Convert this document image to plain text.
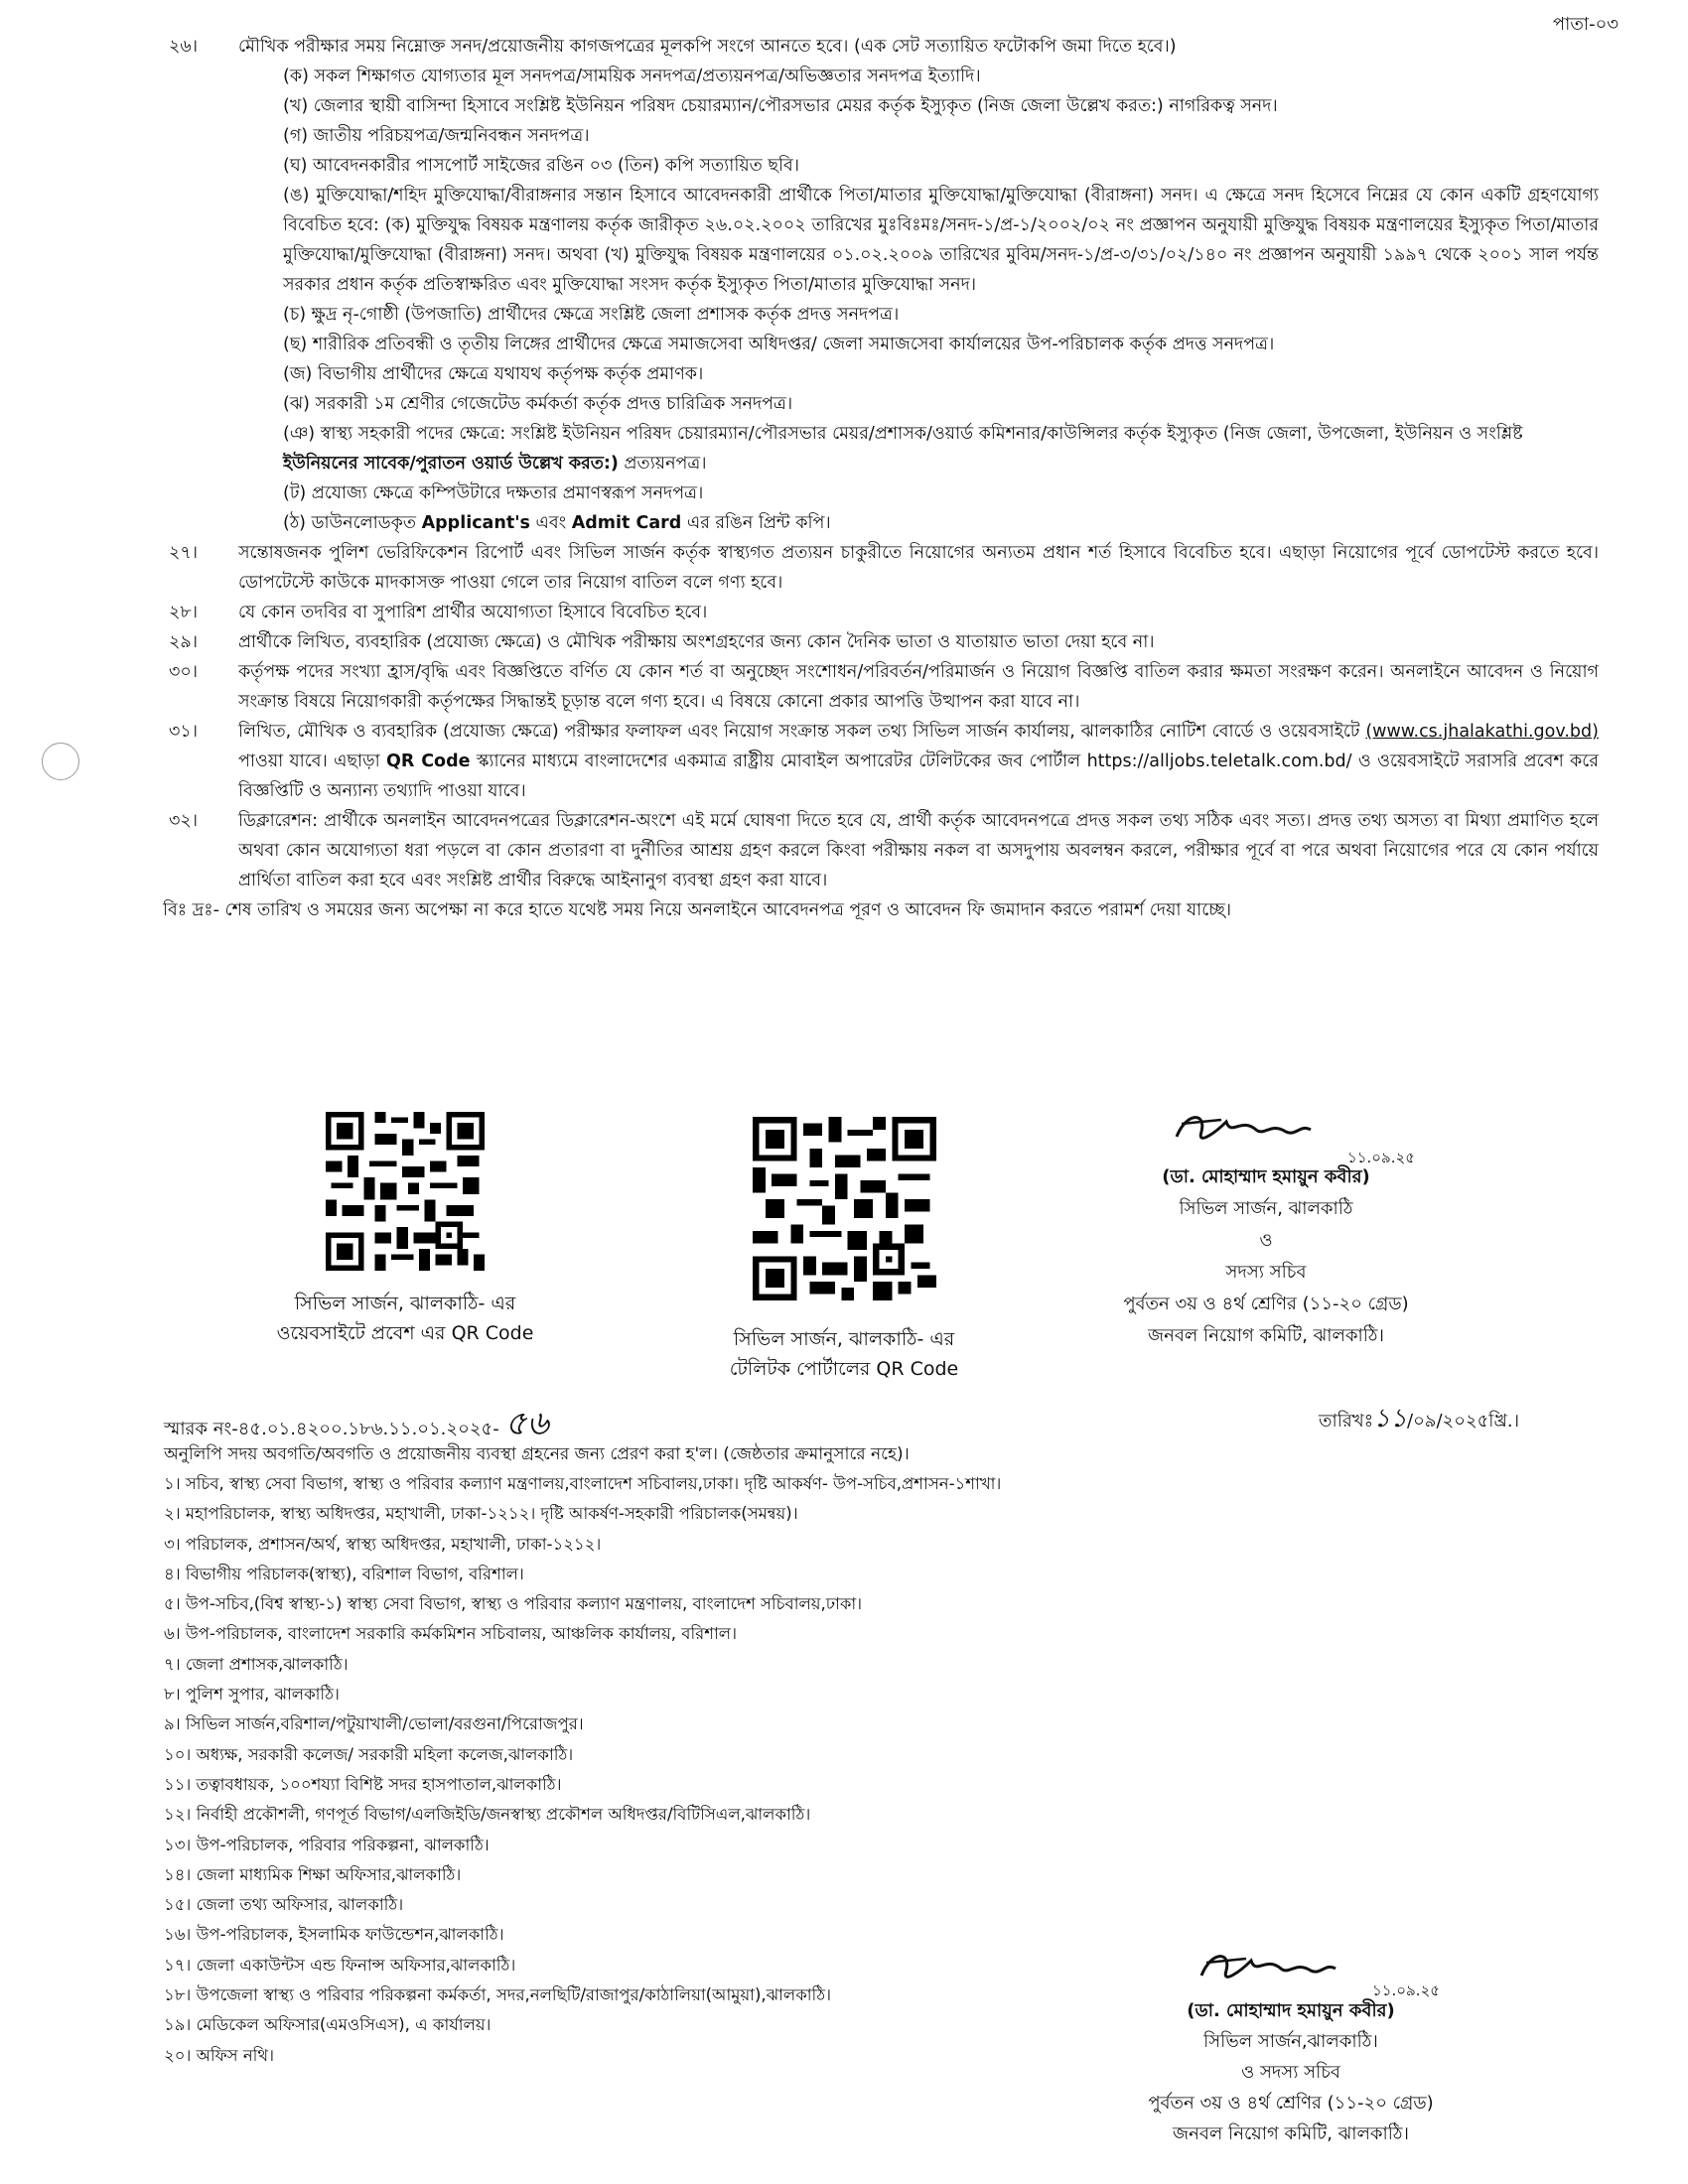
পাতা-০৩
২৬।	মৌখিক পরীক্ষার সময় নিম্নোক্ত সনদ/প্রয়োজনীয় কাগজপত্রের মূলকপি সংগে আনতে হবে। (এক সেট সত্যায়িত ফটোকপি জমা দিতে হবে।)
(ক) সকল শিক্ষাগত যোগ্যতার মূল সনদপত্র/সাময়িক সনদপত্র/প্রত্যয়নপত্র/অভিজ্ঞতার সনদপত্র ইত্যাদি।
(খ) জেলার স্থায়ী বাসিন্দা হিসাবে সংশ্লিষ্ট ইউনিয়ন পরিষদ চেয়ারম্যান/পৌরসভার মেয়র কর্তৃক ইস্যুকৃত (নিজ জেলা উল্লেখ করত:) নাগরিকত্ব সনদ।
(গ) জাতীয় পরিচয়পত্র/জন্মনিবন্ধন সনদপত্র।
(ঘ) আবেদনকারীর পাসপোর্ট সাইজের রঙিন ০৩ (তিন) কপি সত্যায়িত ছবি।
(ঙ) মুক্তিযোদ্ধা/শহিদ মুক্তিযোদ্ধা/বীরাঙ্গনার সন্তান হিসাবে আবেদনকারী প্রার্থীকে পিতা/মাতার মুক্তিযোদ্ধা/মুক্তিযোদ্ধা (বীরাঙ্গনা) সনদ। এ ক্ষেত্রে সনদ হিসেবে নিম্নের যে কোন একটি গ্রহণযোগ্য বিবেচিত হবে: (ক) মুক্তিযুদ্ধ বিষয়ক মন্ত্রণালয় কর্তৃক জারীকৃত ২৬.০২.২০০২ তারিখের মুঃবিঃমঃ/সনদ-১/প্র-১/২০০২/০২ নং প্রজ্ঞাপন অনুযায়ী মুক্তিযুদ্ধ বিষয়ক মন্ত্রণালয়ের ইস্যুকৃত পিতা/মাতার মুক্তিযোদ্ধা/মুক্তিযোদ্ধা (বীরাঙ্গনা) সনদ। অথবা (খ) মুক্তিযুদ্ধ বিষয়ক মন্ত্রণালয়ের ০১.০২.২০০৯ তারিখের মুবিম/সনদ-১/প্র-৩/৩১/০২/১৪০ নং প্রজ্ঞাপন অনুযায়ী ১৯৯৭ থেকে ২০০১ সাল পর্যন্ত সরকার প্রধান কর্তৃক প্রতিস্বাক্ষরিত এবং মুক্তিযোদ্ধা সংসদ কর্তৃক ইস্যুকৃত পিতা/মাতার মুক্তিযোদ্ধা সনদ।
(চ) ক্ষুদ্র নৃ-গোষ্ঠী (উপজাতি) প্রার্থীদের ক্ষেত্রে সংশ্লিষ্ট জেলা প্রশাসক কর্তৃক প্রদত্ত সনদপত্র।
(ছ) শারীরিক প্রতিবন্ধী ও তৃতীয় লিঙ্গের প্রার্থীদের ক্ষেত্রে সমাজসেবা অধিদপ্তর/ জেলা সমাজসেবা কার্যালয়ের উপ-পরিচালক কর্তৃক প্রদত্ত সনদপত্র।
(জ) বিভাগীয় প্রার্থীদের ক্ষেত্রে যথাযথ কর্তৃপক্ষ কর্তৃক প্রমাণক।
(ঝ) সরকারী ১ম শ্রেণীর গেজেটেড কর্মকর্তা কর্তৃক প্রদত্ত চারিত্রিক সনদপত্র।
(ঞ) স্বাস্থ্য সহকারী পদের ক্ষেত্রে: সংশ্লিষ্ট ইউনিয়ন পরিষদ চেয়ারম্যান/পৌরসভার মেয়র/প্রশাসক/ওয়ার্ড কমিশনার/কাউন্সিলর কর্তৃক ইস্যুকৃত (নিজ জেলা, উপজেলা, ইউনিয়ন ও সংশ্লিষ্ট ইউনিয়নের সাবেক/পুরাতন ওয়ার্ড উল্লেখ করত:) প্রত্যয়নপত্র।
(ট) প্রযোজ্য ক্ষেত্রে কম্পিউটারে দক্ষতার প্রমাণস্বরূপ সনদপত্র।
(ঠ) ডাউনলোডকৃত Applicant's এবং Admit Card এর রঙিন প্রিন্ট কপি।
২৭।	সন্তোষজনক পুলিশ ভেরিফিকেশন রিপোর্ট এবং সিভিল সার্জন কর্তৃক স্বাস্থ্যগত প্রত্যয়ন চাকুরীতে নিয়োগের অন্যতম প্রধান শর্ত হিসাবে বিবেচিত হবে। এছাড়া নিয়োগের পূর্বে ডোপটেস্ট করতে হবে। ডোপটেস্টে কাউকে মাদকাসক্ত পাওয়া গেলে তার নিয়োগ বাতিল বলে গণ্য হবে।
২৮।	যে কোন তদবির বা সুপারিশ প্রার্থীর অযোগ্যতা হিসাবে বিবেচিত হবে।
২৯।	প্রার্থীকে লিখিত, ব্যবহারিক (প্রযোজ্য ক্ষেত্রে) ও মৌখিক পরীক্ষায় অংশগ্রহণের জন্য কোন দৈনিক ভাতা ও যাতায়াত ভাতা দেয়া হবে না।
৩০।	কর্তৃপক্ষ পদের সংখ্যা হ্রাস/বৃদ্ধি এবং বিজ্ঞপ্তিতে বর্ণিত যে কোন শর্ত বা অনুচ্ছেদ সংশোধন/পরিবর্তন/পরিমার্জন ও নিয়োগ বিজ্ঞপ্তি বাতিল করার ক্ষমতা সংরক্ষণ করেন। অনলাইনে আবেদন ও নিয়োগ সংক্রান্ত বিষয়ে নিয়োগকারী কর্তৃপক্ষের সিদ্ধান্তই চূড়ান্ত বলে গণ্য হবে। এ বিষয়ে কোনো প্রকার আপত্তি উত্থাপন করা যাবে না।
৩১।	লিখিত, মৌখিক ও ব্যবহারিক (প্রযোজ্য ক্ষেত্রে) পরীক্ষার ফলাফল এবং নিয়োগ সংক্রান্ত সকল তথ্য সিভিল সার্জন কার্যালয়, ঝালকাঠির নোটিশ বোর্ডে ও ওয়েবসাইটে (www.cs.jhalakathi.gov.bd) পাওয়া যাবে। এছাড়া QR Code স্ক্যানের মাধ্যমে বাংলাদেশের একমাত্র রাষ্ট্রীয় মোবাইল অপারেটর টেলিটকের জব পোর্টাল https://alljobs.teletalk.com.bd/ ও ওয়েবসাইটে সরাসরি প্রবেশ করে বিজ্ঞপ্তিটি ও অন্যান্য তথ্যাদি পাওয়া যাবে।
৩২।	ডিক্লারেশন: প্রার্থীকে অনলাইন আবেদনপত্রের ডিক্লারেশন-অংশে এই মর্মে ঘোষণা দিতে হবে যে, প্রার্থী কর্তৃক আবেদনপত্রে প্রদত্ত সকল তথ্য সঠিক এবং সত্য। প্রদত্ত তথ্য অসত্য বা মিথ্যা প্রমাণিত হলে অথবা কোন অযোগ্যতা ধরা পড়লে বা কোন প্রতারণা বা দুর্নীতির আশ্রয় গ্রহণ করলে কিংবা পরীক্ষায় নকল বা অসদুপায় অবলম্বন করলে, পরীক্ষার পূর্বে বা পরে অথবা নিয়োগের পরে যে কোন পর্যায়ে প্রার্থিতা বাতিল করা হবে এবং সংশ্লিষ্ট প্রার্থীর বিরুদ্ধে আইনানুগ ব্যবস্থা গ্রহণ করা যাবে।
বিঃ দ্রঃ- শেষ তারিখ ও সময়ের জন্য অপেক্ষা না করে হাতে যথেষ্ট সময় নিয়ে অনলাইনে আবেদনপত্র পূরণ ও আবেদন ফি জমাদান করতে পরামর্শ দেয়া যাচ্ছে।
সিভিল সার্জন, ঝালকাঠি- এর
ওয়েবসাইটে প্রবেশ এর QR Code	সিভিল সার্জন, ঝালকাঠি- এর
টেলিটক পোর্টালের QR Code
১১.০৯.২৫
(ডা. মোহাম্মাদ হমায়ুন কবীর)
সিভিল সার্জন, ঝালকাঠি
ও
সদস্য সচিব
পুর্বতন ৩য় ও ৪র্থ শ্রেণির (১১-২০ গ্রেড)
জনবল নিয়োগ কমিটি, ঝালকাঠি।
স্মারক নং-৪৫.০১.৪২০০.১৮৬.১১.০১.২০২৫- ৫৬	তারিখঃ১১/০৯/২০২৫খ্রি.।
অনুলিপি সদয় অবগতি/অবগতি ও প্রয়োজনীয় ব্যবস্থা গ্রহনের জন্য প্রেরণ করা হ'ল। (জেষ্ঠতার ক্রমানুসারে নহে)।
১। সচিব, স্বাস্থ্য সেবা বিভাগ, স্বাস্থ্য ও পরিবার কল্যাণ মন্ত্রণালয়,বাংলাদেশ সচিবালয়,ঢাকা। দৃষ্টি আকর্ষণ- উপ-সচিব,প্রশাসন-১শাখা।
২। মহাপরিচালক, স্বাস্থ্য অধিদপ্তর, মহাখালী, ঢাকা-১২১২। দৃষ্টি আকর্ষণ-সহকারী পরিচালক(সমন্বয়)।
৩। পরিচালক, প্রশাসন/অর্থ, স্বাস্থ্য অধিদপ্তর, মহাখালী, ঢাকা-১২১২।
৪। বিভাগীয় পরিচালক(স্বাস্থ্য), বরিশাল বিভাগ, বরিশাল।
৫। উপ-সচিব,(বিশ্ব স্বাস্থ্য-১) স্বাস্থ্য সেবা বিভাগ, স্বাস্থ্য ও পরিবার কল্যাণ মন্ত্রণালয়, বাংলাদেশ সচিবালয়,ঢাকা।
৬। উপ-পরিচালক, বাংলাদেশ সরকারি কর্মকমিশন সচিবালয়, আঞ্চলিক কার্যালয়, বরিশাল।
৭। জেলা প্রশাসক,ঝালকাঠি।
৮। পুলিশ সুপার, ঝালকাঠি।
৯। সিভিল সার্জন,বরিশাল/পটুয়াখালী/ভোলা/বরগুনা/পিরোজপুর।
১০। অধ্যক্ষ, সরকারী কলেজ/ সরকারী মহিলা কলেজ,ঝালকাঠি।
১১। তত্বাবধায়ক, ১০০শয্যা বিশিষ্ট সদর হাসপাতাল,ঝালকাঠি।
১২। নির্বাহী প্রকৌশলী, গণপূর্ত বিভাগ/এলজিইডি/জনস্বাস্থ্য প্রকৌশল অধিদপ্তর/বিটিসিএল,ঝালকাঠি।
১৩। উপ-পরিচালক, পরিবার পরিকল্পনা, ঝালকাঠি।
১৪। জেলা মাধ্যমিক শিক্ষা অফিসার,ঝালকাঠি।
১৫। জেলা তথ্য অফিসার, ঝালকাঠি।
১৬। উপ-পরিচালক, ইসলামিক ফাউন্ডেশন,ঝালকাঠি।
১৭। জেলা একাউন্টস এন্ড ফিনান্স অফিসার,ঝালকাঠি।
১৮। উপজেলা স্বাস্থ্য ও পরিবার পরিকল্পনা কর্মকর্তা, সদর,নলছিটি/রাজাপুর/কাঠালিয়া(আমুয়া),ঝালকাঠি।
১৯। মেডিকেল অফিসার(এমওসিএস), এ কার্যালয়।
২০। অফিস নথি।
১১.০৯.২৫
(ডা. মোহাম্মাদ হমায়ুন কবীর)
সিভিল সার্জন,ঝালকাঠি।
ও সদস্য সচিব
পুর্বতন ৩য় ও ৪র্থ শ্রেণির (১১-২০ গ্রেড)
জনবল নিয়োগ কমিটি, ঝালকাঠি।
